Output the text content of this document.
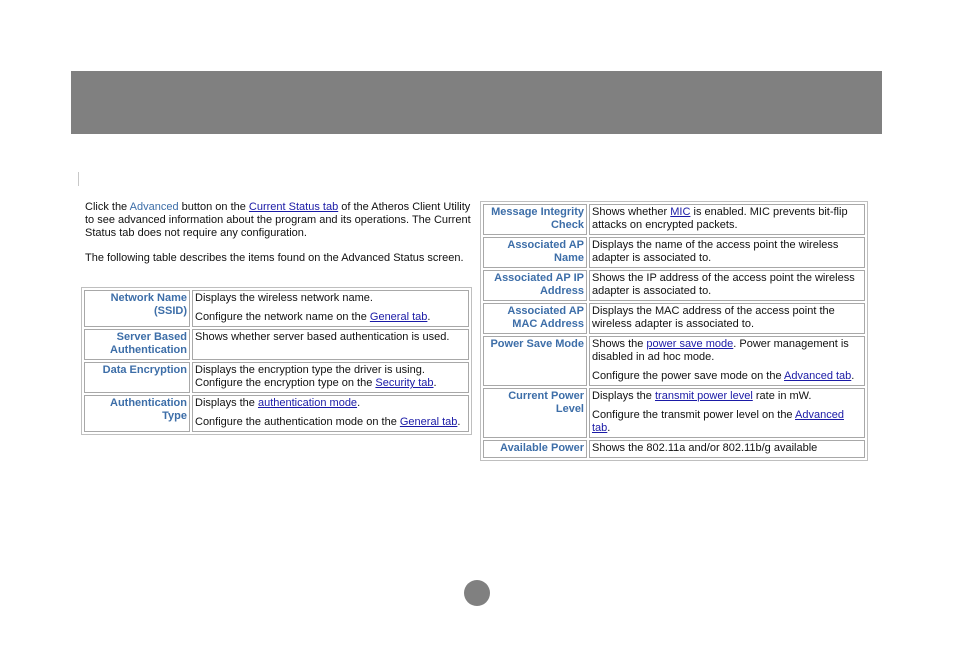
Click the Advanced button on the Current Status tab of the Atheros Client Utility to see advanced information about the program and its operations. The Current Status tab does not require any configuration.

The following table describes the items found on the Advanced Status screen.

Network Name (SSID)	Displays the wireless network name.
Configure the network name on the General tab.

Server Based Authentication	Shows whether server based authentication is used.
Data Encryption	Displays the encryption type the driver is using. Configure the encryption type on the Security tab.
Authentication Type	Displays the authentication mode.
Configure the authentication mode on the General tab.
Message Integrity Check	Shows whether MIC is enabled. MIC prevents bit-flip attacks on encrypted packets.
Associated AP Name	Displays the name of the access point the wireless adapter is associated to.
Associated AP IP Address	Shows the IP address of the access point the wireless adapter is associated to.
Associated AP MAC Address	Displays the MAC address of the access point the wireless adapter is associated to.
Power Save Mode	Shows the power save mode. Power management is disabled in ad hoc mode.
Configure the power save mode on the Advanced tab.

Current Power Level	Displays the transmit power level rate in mW.
Configure the transmit power level on the Advanced tab.

Available Power	Shows the 802.11a and/or 802.11b/g available
